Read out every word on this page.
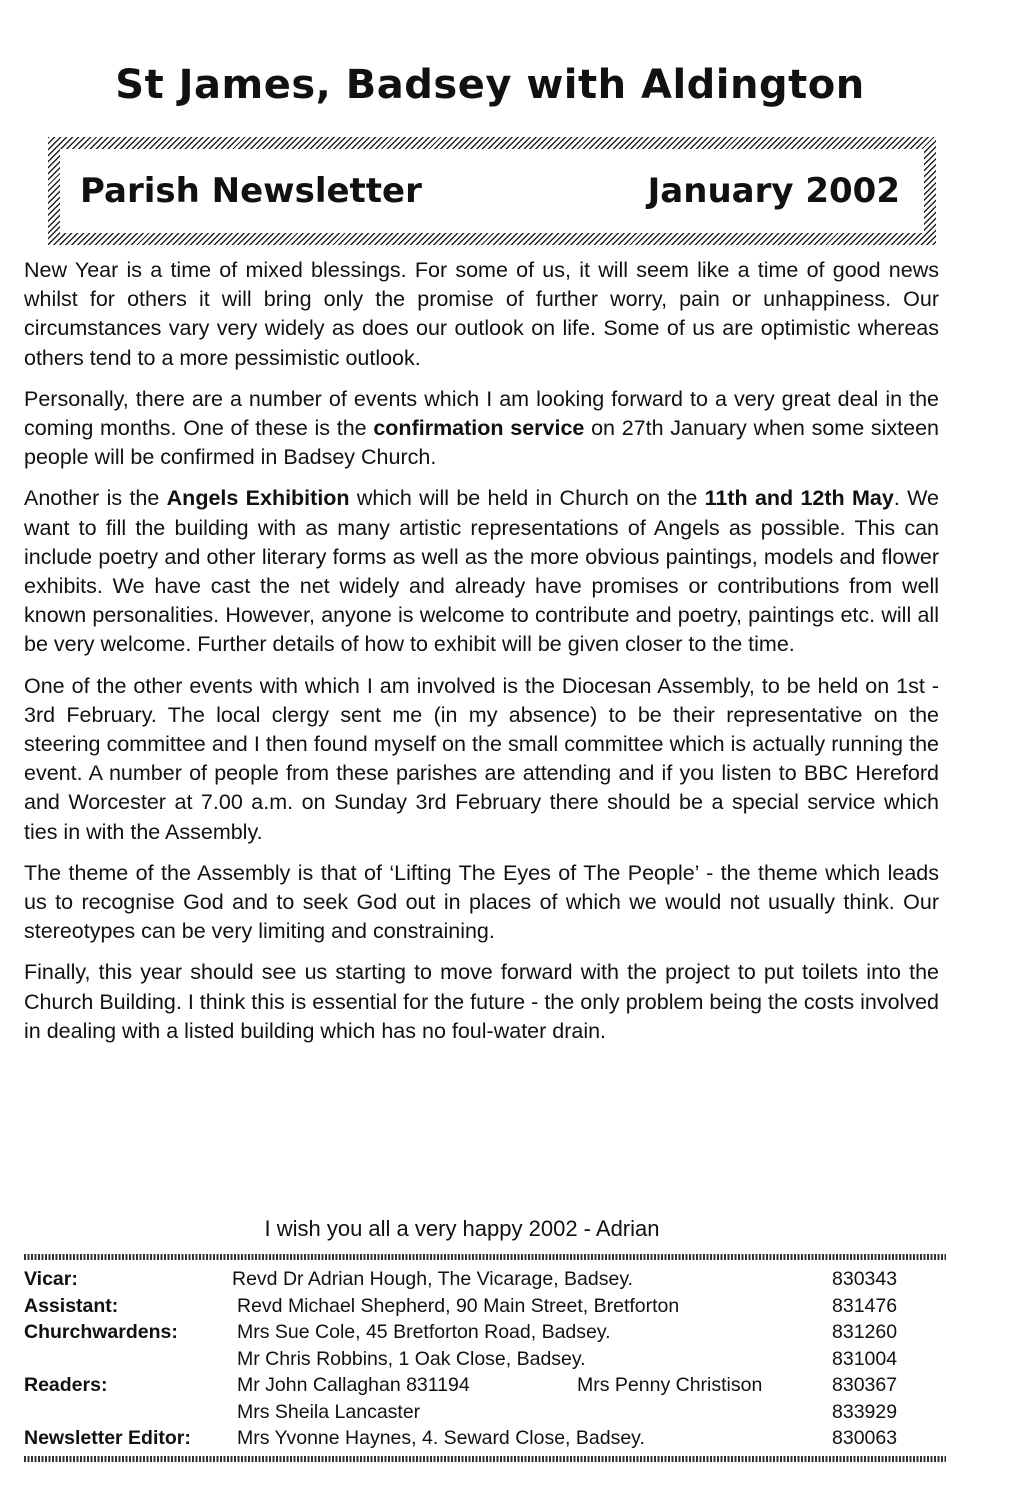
St James, Badsey with Aldington
Parish Newsletter	January 2002

New Year is a time of mixed blessings. For some of us, it will seem like a time of good news whilst for others it will bring only the promise of further worry, pain or unhappiness. Our circumstances vary very widely as does our outlook on life. Some of us are optimistic whereas others tend to a more pessimistic outlook.

Personally, there are a number of events which I am looking forward to a very great deal in the coming months. One of these is the confirmation service on 27th January when some sixteen people will be confirmed in Badsey Church.

Another is the Angels Exhibition which will be held in Church on the 11th and 12th May. We want to fill the building with as many artistic representations of Angels as possible. This can include poetry and other literary forms as well as the more obvious paintings, models and flower exhibits. We have cast the net widely and already have promises or contributions from well known personalities. However, anyone is welcome to contribute and poetry, paintings etc. will all be very welcome. Further details of how to exhibit will be given closer to the time.

One of the other events with which I am involved is the Diocesan Assembly, to be held on 1st - 3rd February. The local clergy sent me (in my absence) to be their representative on the steering committee and I then found myself on the small committee which is actually running the event. A number of people from these parishes are attending and if you listen to BBC Hereford and Worcester at 7.00 a.m. on Sunday 3rd February there should be a special service which ties in with the Assembly.

The theme of the Assembly is that of ‘Lifting The Eyes of The People’ - the theme which leads us to recognise God and to seek God out in places of which we would not usually think. Our stereotypes can be very limiting and constraining.

Finally, this year should see us starting to move forward with the project to put toilets into the Church Building. I think this is essential for the future - the only problem being the costs involved in dealing with a listed building which has no foul-water drain.

I wish you all a very happy 2002 - Adrian
Vicar:	Revd Dr Adrian Hough, The Vicarage, Badsey.	830343
Assistant:	Revd Michael Shepherd, 90 Main Street, Bretforton	831476
Churchwardens:	Mrs Sue Cole, 45 Bretforton Road, Badsey.	831260
Mr Chris Robbins, 1 Oak Close, Badsey.	831004
Readers:	Mr John Callaghan 831194	Mrs Penny Christison	830367
Mrs Sheila Lancaster	833929
Newsletter Editor: Mrs Yvonne Haynes, 4. Seward Close, Badsey.	830063
